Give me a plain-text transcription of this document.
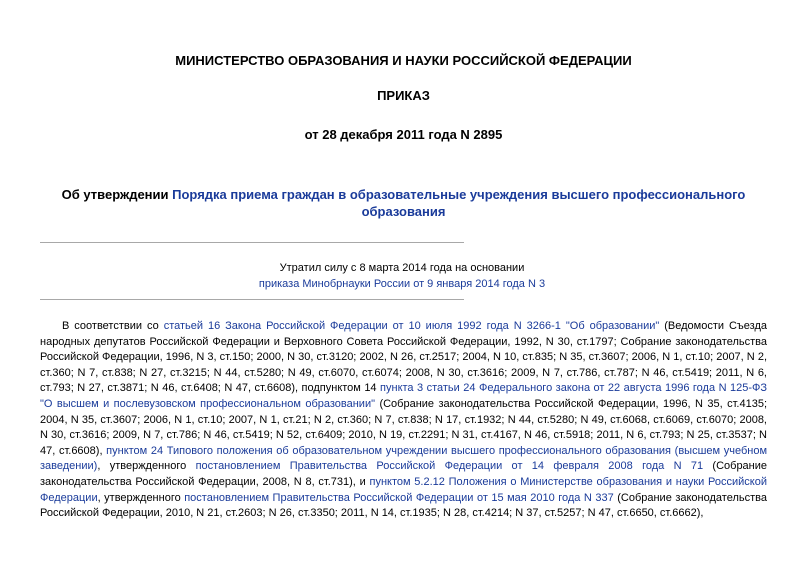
МИНИСТЕРСТВО ОБРАЗОВАНИЯ И НАУКИ РОССИЙСКОЙ ФЕДЕРАЦИИ

ПРИКАЗ

от 28 декабря 2011 года N 2895

Об утверждении Порядка приема граждан в образовательные учреждения высшего профессионального образования

Утратил силу с 8 марта 2014 года на основании

приказа Минобрнауки России от 9 января 2014 года N 3

В соответствии со статьей 16 Закона Российской Федерации от 10 июля 1992 года N 3266-1 "Об образовании" (Ведомости Съезда народных депутатов Российской Федерации и Верховного Совета Российской Федерации, 1992, N 30, ст.1797; Собрание законодательства Российской Федерации, 1996, N 3, ст.150; 2000, N 30, ст.3120; 2002, N 26, ст.2517; 2004, N 10, ст.835; N 35, ст.3607; 2006, N 1, ст.10; 2007, N 2, ст.360; N 7, ст.838; N 27, ст.3215; N 44, ст.5280; N 49, ст.6070, ст.6074; 2008, N 30, ст.3616; 2009, N 7, ст.786, ст.787; N 46, ст.5419; 2011, N 6, ст.793; N 27, ст.3871; N 46, ст.6408; N 47, ст.6608), подпунктом 14 пункта 3 статьи 24 Федерального закона от 22 августа 1996 года N 125-ФЗ "О высшем и послевузовском профессиональном образовании" (Собрание законодательства Российской Федерации, 1996, N 35, ст.4135; 2004, N 35, ст.3607; 2006, N 1, ст.10; 2007, N 1, ст.21; N 2, ст.360; N 7, ст.838; N 17, ст.1932; N 44, ст.5280; N 49, ст.6068, ст.6069, ст.6070; 2008, N 30, ст.3616; 2009, N 7, ст.786; N 46, ст.5419; N 52, ст.6409; 2010, N 19, ст.2291; N 31, ст.4167, N 46, ст.5918; 2011, N 6, ст.793; N 25, ст.3537; N 47, ст.6608), пунктом 24 Типового положения об образовательном учреждении высшего профессионального образования (высшем учебном заведении), утвержденного постановлением Правительства Российской Федерации от 14 февраля 2008 года N 71 (Собрание законодательства Российской Федерации, 2008, N 8, ст.731), и пунктом 5.2.12 Положения о Министерстве образования и науки Российской Федерации, утвержденного постановлением Правительства Российской Федерации от 15 мая 2010 года N 337 (Собрание законодательства Российской Федерации, 2010, N 21, ст.2603; N 26, ст.3350; 2011, N 14, ст.1935; N 28, ст.4214; N 37, ст.5257; N 47, ст.6650, ст.6662),
